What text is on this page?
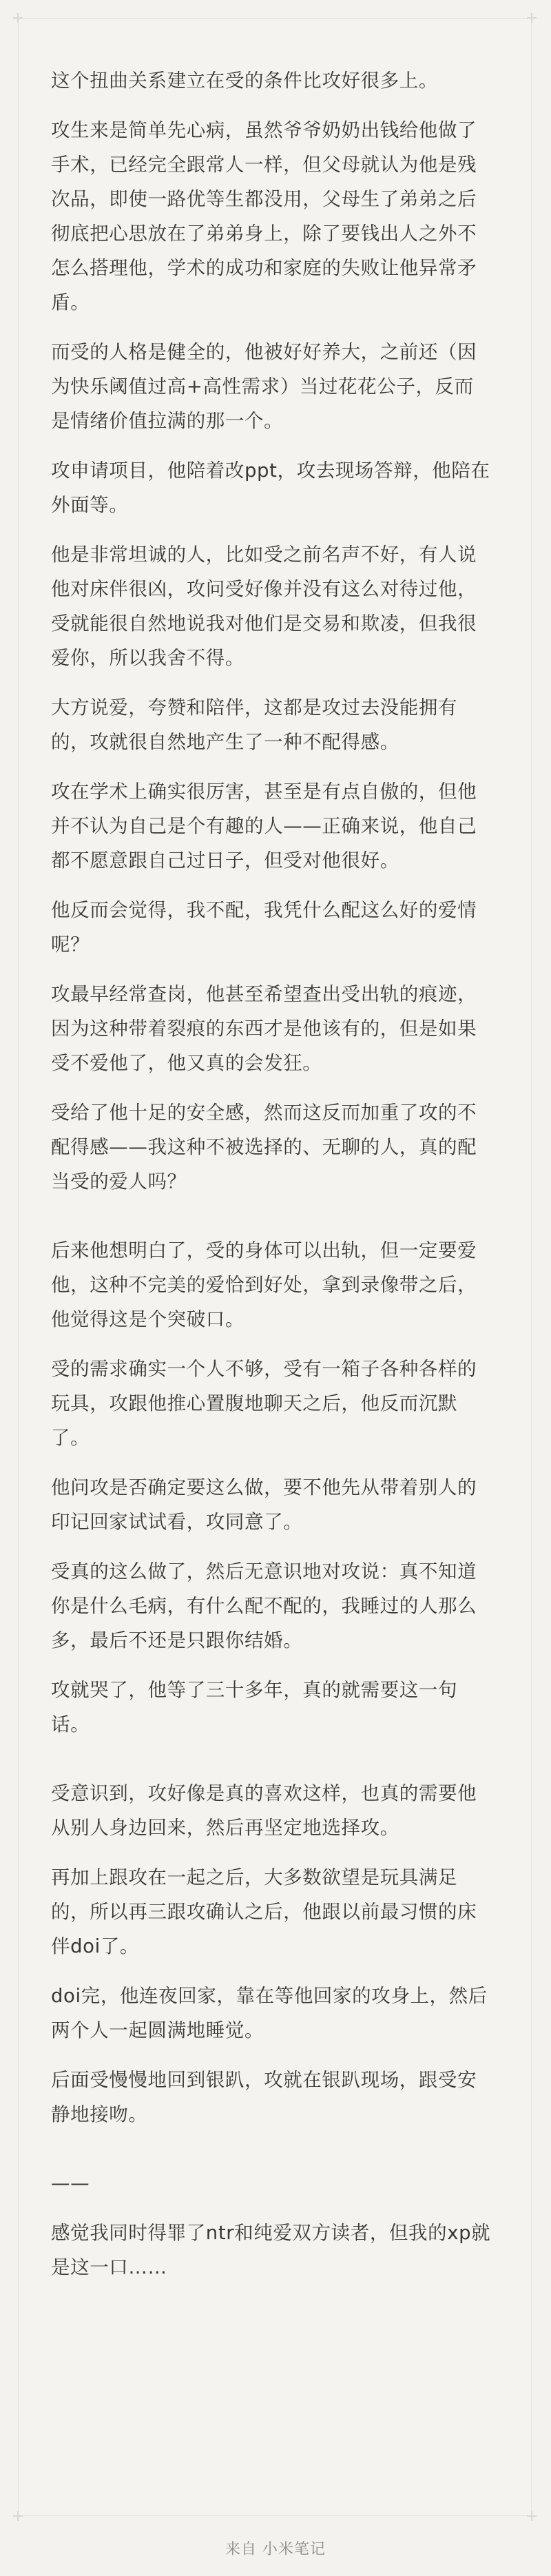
这个扭曲关系建立在受的条件比攻好很多上。

攻生来是简单先心病，虽然爷爷奶奶出钱给他做了手术，已经完全跟常人一样，但父母就认为他是残次品，即使一路优等生都没用，父母生了弟弟之后彻底把心思放在了弟弟身上，除了要钱出人之外不怎么搭理他，学术的成功和家庭的失败让他异常矛盾。

而受的人格是健全的，他被好好养大，之前还（因为快乐阈值过高+高性需求）当过花花公子，反而是情绪价值拉满的那一个。

攻申请项目，他陪着改ppt，攻去现场答辩，他陪在外面等。

他是非常坦诚的人，比如受之前名声不好，有人说他对床伴很凶，攻问受好像并没有这么对待过他，受就能很自然地说我对他们是交易和欺凌，但我很爱你，所以我舍不得。

大方说爱，夸赞和陪伴，这都是攻过去没能拥有的，攻就很自然地产生了一种不配得感。

攻在学术上确实很厉害，甚至是有点自傲的，但他并不认为自己是个有趣的人——正确来说，他自己都不愿意跟自己过日子，但受对他很好。

他反而会觉得，我不配，我凭什么配这么好的爱情呢？

攻最早经常查岗，他甚至希望查出受出轨的痕迹，因为这种带着裂痕的东西才是他该有的，但是如果受不爱他了，他又真的会发狂。

受给了他十足的安全感，然而这反而加重了攻的不配得感——我这种不被选择的、无聊的人，真的配当受的爱人吗？

后来他想明白了，受的身体可以出轨，但一定要爱他，这种不完美的爱恰到好处，拿到录像带之后，他觉得这是个突破口。

受的需求确实一个人不够，受有一箱子各种各样的玩具，攻跟他推心置腹地聊天之后，他反而沉默了。

他问攻是否确定要这么做，要不他先从带着别人的印记回家试试看，攻同意了。

受真的这么做了，然后无意识地对攻说：真不知道你是什么毛病，有什么配不配的，我睡过的人那么多，最后不还是只跟你结婚。

攻就哭了，他等了三十多年，真的就需要这一句话。

受意识到，攻好像是真的喜欢这样，也真的需要他从别人身边回来，然后再坚定地选择攻。

再加上跟攻在一起之后，大多数欲望是玩具满足的，所以再三跟攻确认之后，他跟以前最习惯的床伴doi了。

doi完，他连夜回家，靠在等他回家的攻身上，然后两个人一起圆满地睡觉。

后面受慢慢地回到银趴，攻就在银趴现场，跟受安静地接吻。

——

感觉我同时得罪了ntr和纯爱双方读者，但我的xp就是这一口……

来自 小米笔记
